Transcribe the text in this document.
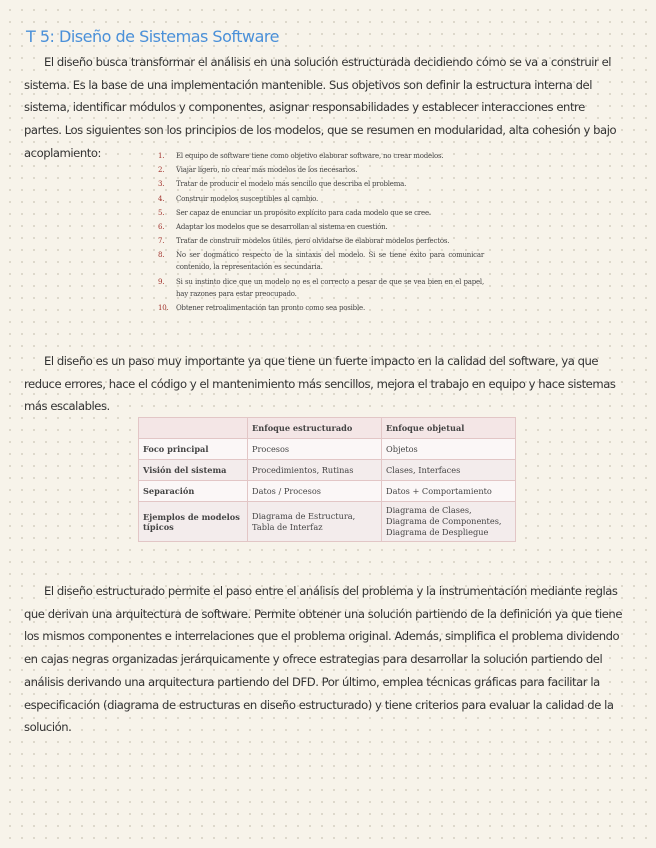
T 5: Diseño de Sistemas Software

El diseño busca transformar el análisis en una solución estructurada decidiendo cómo se va a construir el sistema. Es la base de una implementación mantenible. Sus objetivos son definir la estructura interna del sistema, identificar módulos y componentes, asignar responsabilidades y establecer interacciones entre partes. Los siguientes son los principios de los modelos, que se resumen en modularidad, alta cohesión y bajo acoplamiento:	1.	El equipo de software tiene como objetivo elaborar software, no crear modelos.
2.	Viajar ligero, no crear más modelos de los necesarios.
3.	Tratar de producir el modelo más sencillo que describa el problema.
4.	Construir modelos susceptibles al cambio.
5.	Ser capaz de enunciar un propósito explícito para cada modelo que se cree.
6.	Adaptar los modelos que se desarrollan al sistema en cuestión.
7.	Tratar de construir modelos útiles, pero olvidarse de elaborar modelos perfectos.
8.	No ser dogmático respecto de la sintaxis del modelo. Si se tiene éxito para comunicar contenido, la representación es secundaria.
9.	Si su instinto dice que un modelo no es el correcto a pesar de que se vea bien en el papel, hay razones para estar preocupado.
10.	Obtener retroalimentación tan pronto como sea posible.

El diseño es un paso muy importante ya que tiene un fuerte impacto en la calidad del software, ya que reduce errores, hace el código y el mantenimiento más sencillos, mejora el trabajo en equipo y hace sistemas más escalables.

	Enfoque estructurado	Enfoque objetual
Foco principal	Procesos	Objetos
Visión del sistema	Procedimientos, Rutinas	Clases, Interfaces
Separación	Datos / Procesos	Datos + Comportamiento
Ejemplos de modelos típicos	Diagrama de Estructura, Tabla de Interfaz	Diagrama de Clases, Diagrama de Componentes, Diagrama de Despliegue

El diseño estructurado permite el paso entre el análisis del problema y la instrumentación mediante reglas que derivan una arquitectura de software. Permite obtener una solución partiendo de la definición ya que tiene los mismos componentes e interrelaciones que el problema original. Además, simplifica el problema dividendo en cajas negras organizadas jerárquicamente y ofrece estrategias para desarrollar la solución partiendo del análisis derivando una arquitectura partiendo del DFD. Por último, emplea técnicas gráficas para facilitar la especificación (diagrama de estructuras en diseño estructurado) y tiene criterios para evaluar la calidad de la solución.
